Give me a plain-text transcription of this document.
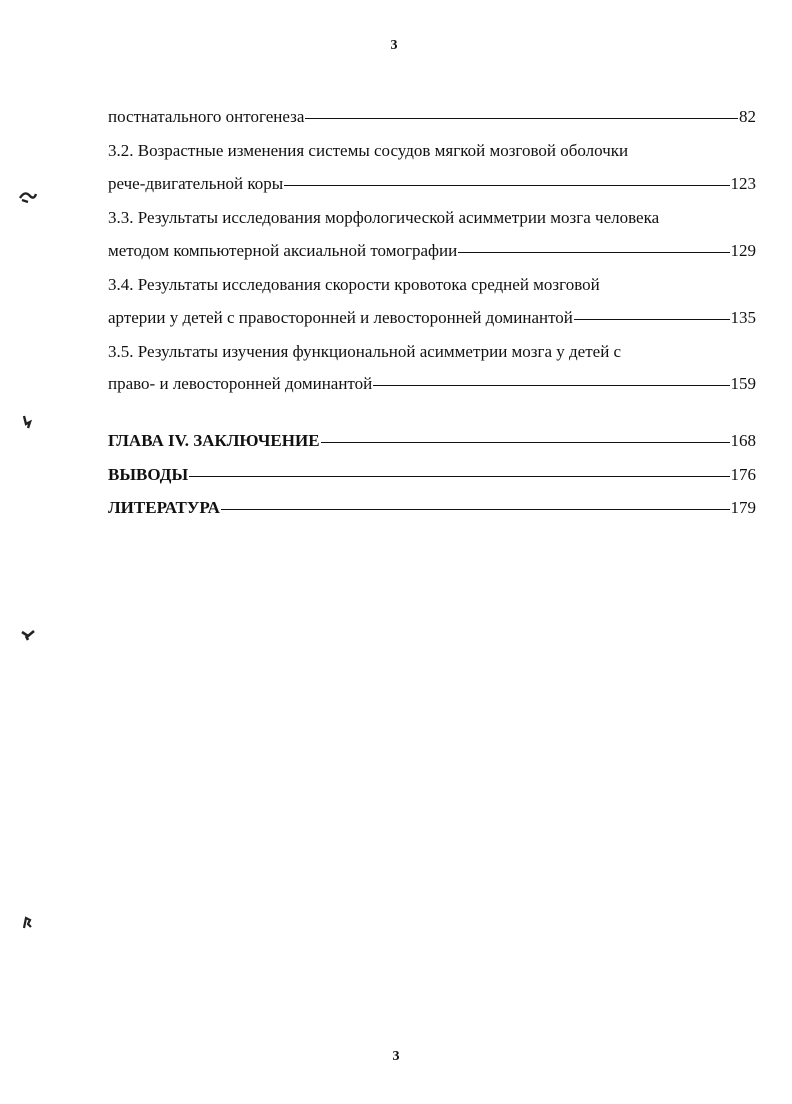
3
постнатального онтогенеза	82
3.2. Возрастные изменения системы сосудов мягкой мозговой оболочки
рече-двигательной коры	123
3.3. Результаты исследования морфологической асимметрии мозга человека
методом компьютерной аксиальной томографии	129
3.4. Результаты исследования скорости кровотока средней мозговой
артерии у детей с правосторонней и левосторонней доминантой	135
3.5. Результаты изучения функциональной асимметрии мозга у детей с
право- и левосторонней доминантой	159
ГЛАВА IV. ЗАКЛЮЧЕНИЕ	168
ВЫВОДЫ	176
ЛИТЕРАТУРА	179
3
